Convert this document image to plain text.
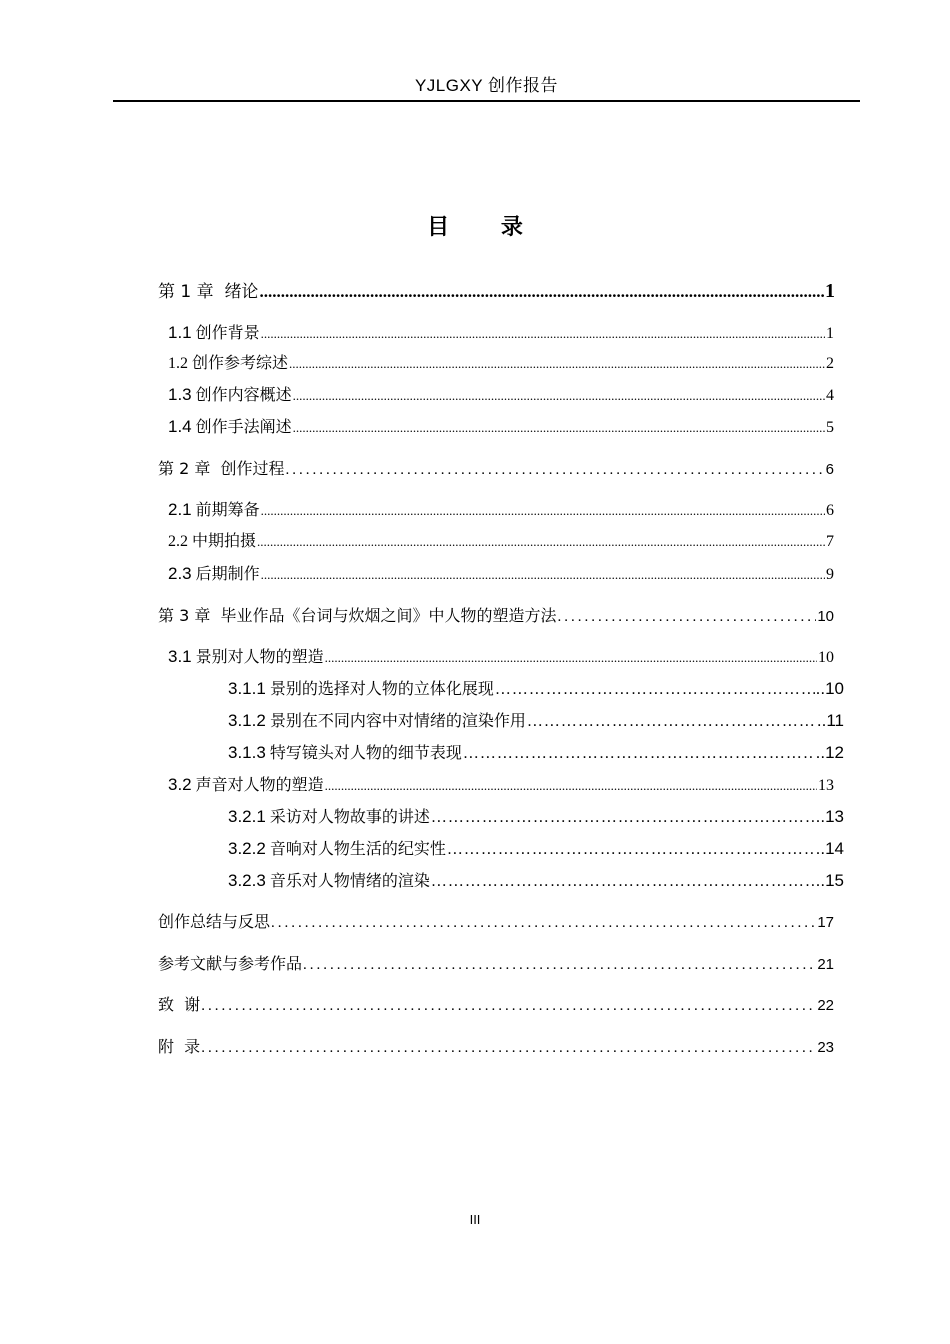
YJLGXY 创作报告
目 录
第 1 章 绪论 .....	1
1.1 创作背景 .....	1
1.2 创作参考综述 .....	2
1.3 创作内容概述 .....	4
1.4 创作手法阐述 .....	5
第 2 章 创作过程 .....	6
2.1 前期筹备 .....	6
2.2 中期拍摄 .....	7
2.3 后期制作 .....	9
第 3 章 毕业作品《台词与炊烟之间》中人物的塑造方法 .....	10
3.1 景别对人物的塑造 .....	10
3.1.1 景别的选择对人物的立体化展现 …………………………………………………………………………………………………………………………………………	..10
3.1.2 景别在不同内容中对情绪的渲染作用 …………………………………………………………………………………………………………………………………………	..11
3.1.3 特写镜头对人物的细节表现 …………………………………………………………………………………………………………………………………………	..12
3.2 声音对人物的塑造 .....	13
3.2.1 采访对人物故事的讲述 …………………………………………………………………………………………………………………………………………	..13
3.2.2 音响对人物生活的纪实性 …………………………………………………………………………………………………………………………………………	..14
3.2.3 音乐对人物情绪的渲染 …………………………………………………………………………………………………………………………………………	..15
创作总结与反思 .....	17
参考文献与参考作品 .....	21
致  谢 .....	22
附  录 .....	23
III
